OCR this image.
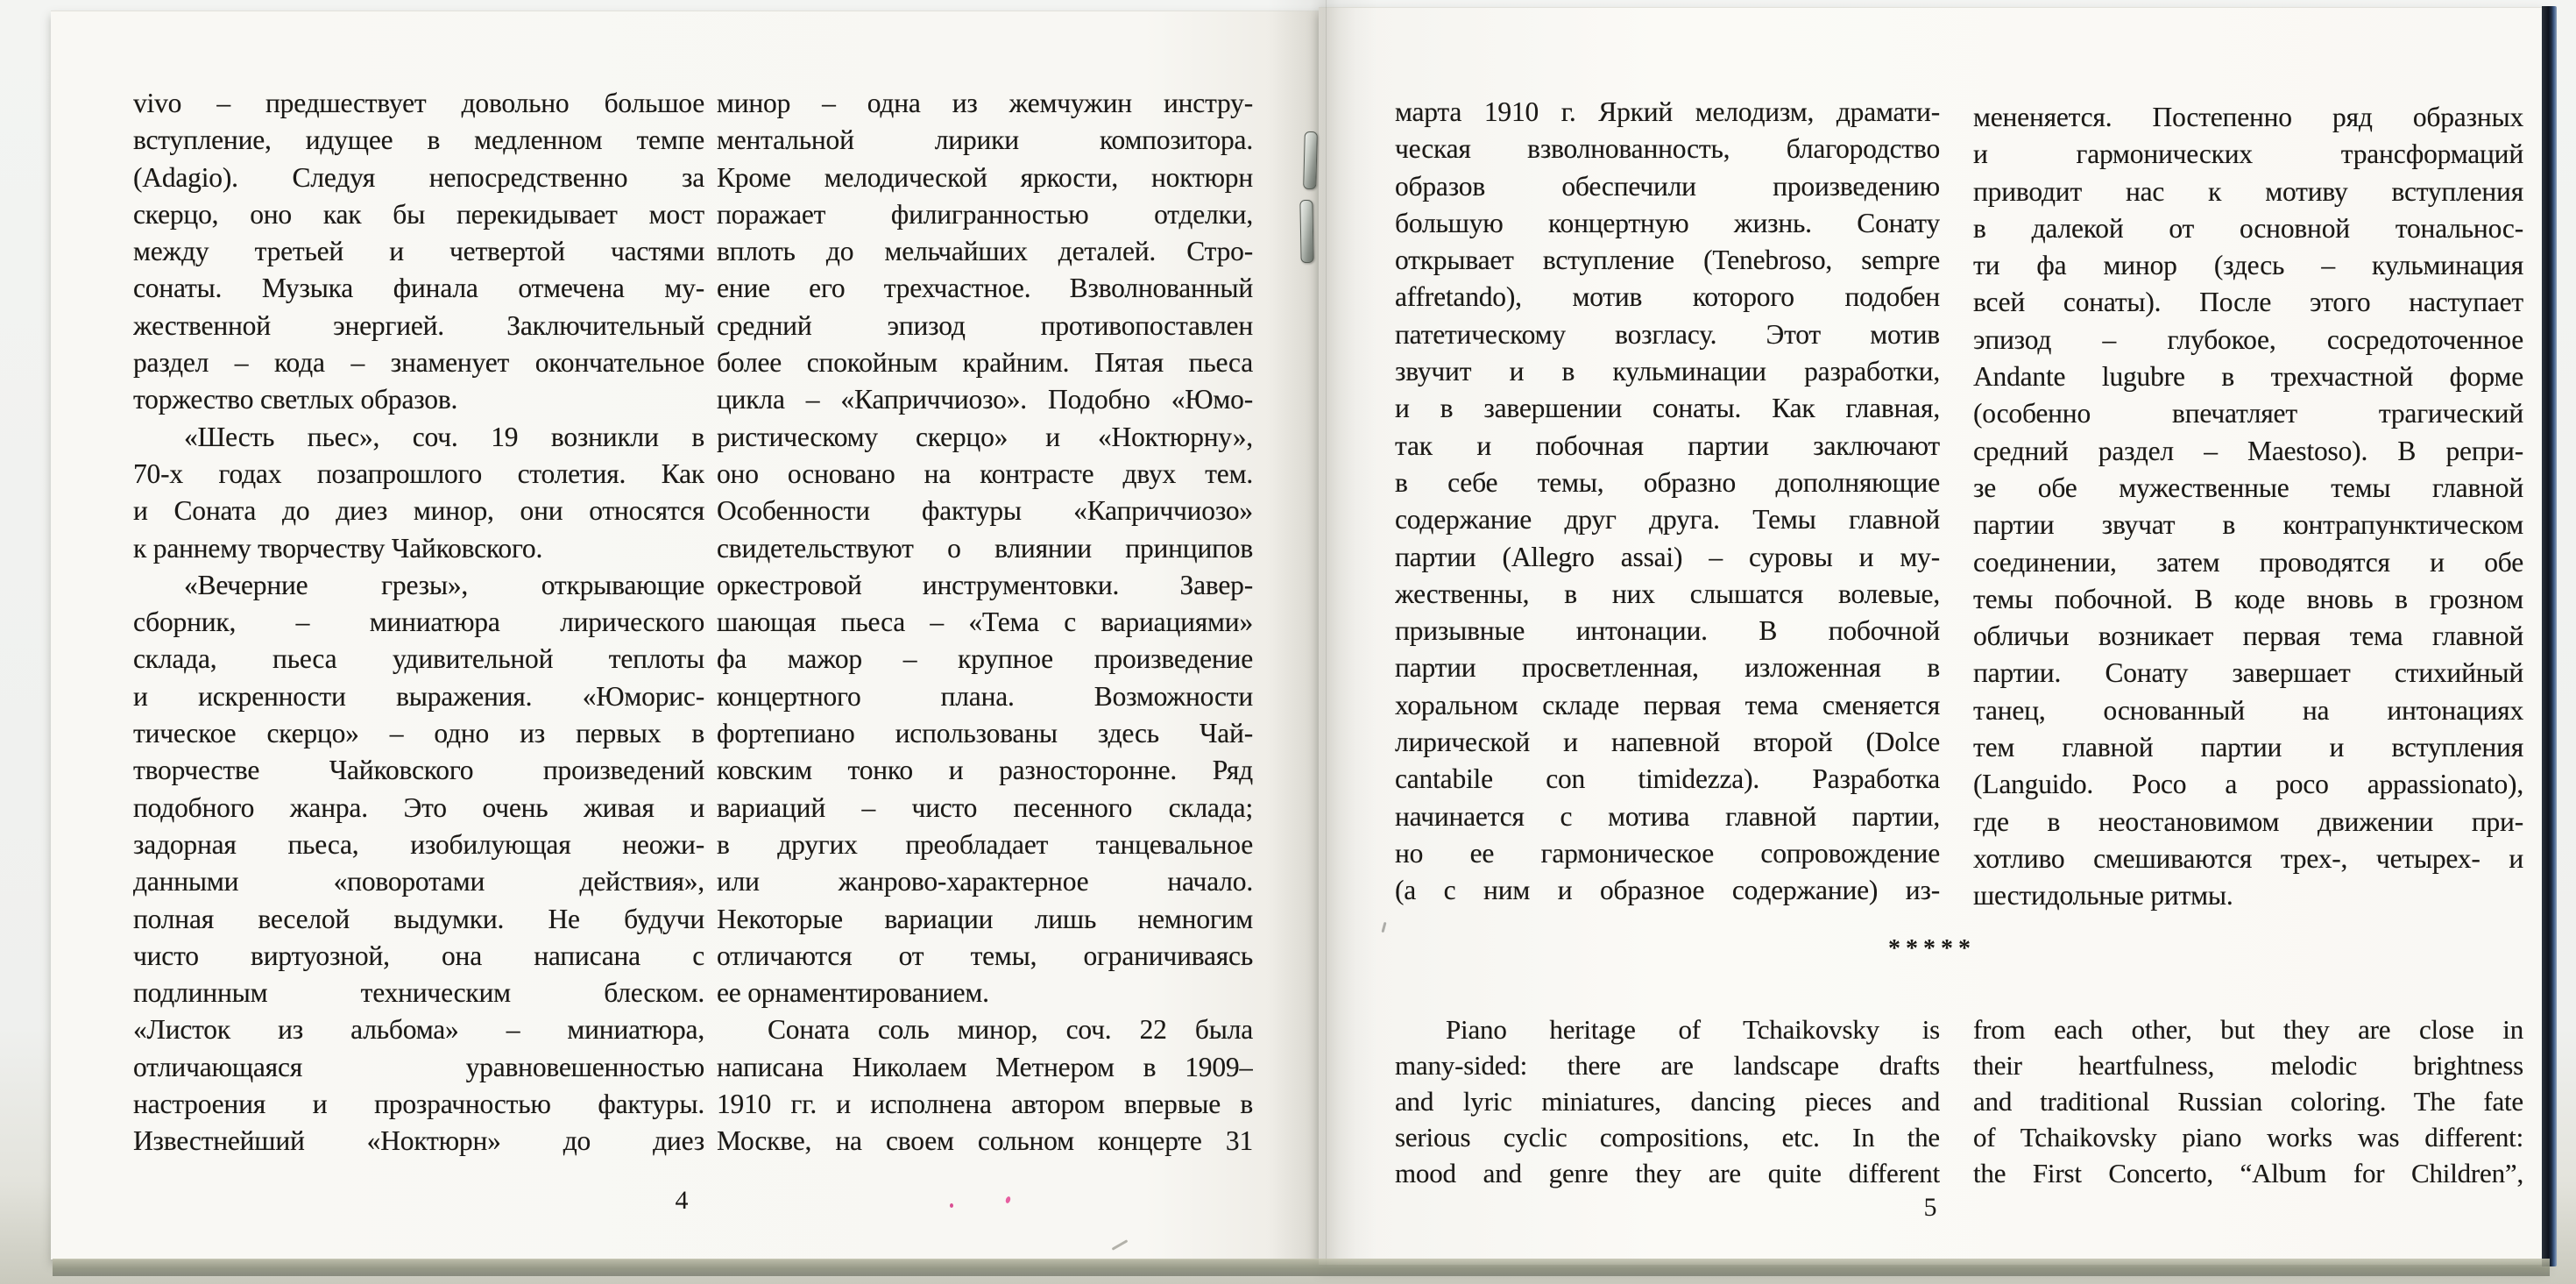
vivo – предшествует довольно большое
вступление, идущее в медленном темпе
(Adagio). Следуя непосредственно за
скерцо, оно как бы перекидывает мост
между третьей и четвертой частями
сонаты. Музыка финала отмечена му-
жественной энергией. Заключительный
раздел – кода – знаменует окончательное
торжество светлых образов.
«Шесть пьес», соч. 19 возникли в
70-х годах позапрошлого столетия. Как
и Соната до диез минор, они относятся
к раннему творчеству Чайковского.
«Вечерние грезы», открывающие
сборник, – миниатюра лирического
склада, пьеса удивительной теплоты
и искренности выражения. «Юморис-
тическое скерцо» – одно из первых в
творчестве Чайковского произведений
подобного жанра. Это очень живая и
задорная пьеса, изобилующая неожи-
данными «поворотами действия»,
полная веселой выдумки. Не будучи
чисто виртуозной, она написана с
подлинным техническим блеском.
«Листок из альбома» – миниатюра,
отличающаяся уравновешенностью
настроения и прозрачностью фактуры.
Известнейший «Ноктюрн» до диез
минор – одна из жемчужин инстру-
ментальной лирики композитора.
Кроме мелодической яркости, ноктюрн
поражает филигранностью отделки,
вплоть до мельчайших деталей. Стро-
ение его трехчастное. Взволнованный
средний эпизод противопоставлен
более спокойным крайним. Пятая пьеса
цикла – «Каприччиозо». Подобно «Юмо-
ристическому скерцо» и «Ноктюрну»,
оно основано на контрасте двух тем.
Особенности фактуры «Каприччиозо»
свидетельствуют о влиянии принципов
оркестровой инструментовки. Завер-
шающая пьеса – «Тема с вариациями»
фа мажор – крупное произведение
концертного плана. Возможности
фортепиано использованы здесь Чай-
ковским тонко и разносторонне. Ряд
вариаций – чисто песенного склада;
в других преобладает танцевальное
или жанрово-характерное начало.
Некоторые вариации лишь немногим
отличаются от темы, ограничиваясь
ее орнаментированием.
Соната соль минор, соч. 22 была
написана Николаем Метнером в 1909–
1910 гг. и исполнена автором впервые в
Москве, на своем сольном концерте 31
4
марта 1910 г. Яркий мелодизм, драмати-
ческая взволнованность, благородство
образов обеспечили произведению
большую концертную жизнь. Сонату
открывает вступление (Tenebroso, sempre
affretando), мотив которого подобен
патетическому возгласу. Этот мотив
звучит и в кульминации разработки,
и в завершении сонаты. Как главная,
так и побочная партии заключают
в себе темы, образно дополняющие
содержание друг друга. Темы главной
партии (Allegro assai) – суровы и му-
жественны, в них слышатся волевые,
призывные интонации. В побочной
партии просветленная, изложенная в
хоральном складе первая тема сменяется
лирической и напевной второй (Dolce
cantabile con timidezza). Разработка
начинается с мотива главной партии,
но ее гармоническое сопровождение
(а с ним и образное содержание) из-
мененяется. Постепенно ряд образных
и гармонических трансформаций
приводит нас к мотиву вступления
в далекой от основной тональнос-
ти фа минор (здесь – кульминация
всей сонаты). После этого наступает
эпизод – глубокое, сосредоточенное
Andante lugubre в трехчастной форме
(особенно впечатляет трагический
средний раздел – Maestoso). В репри-
зе обе мужественные темы главной
партии звучат в контрапунктическом
соединении, затем проводятся и обе
темы побочной. В коде вновь в грозном
обличьи возникает первая тема главной
партии. Сонату завершает стихийный
танец, основанный на интонациях
тем главной партии и вступления
(Languido. Poco a poco appassionato),
где в неостановимом движении при-
хотливо смешиваются трех-, четырех- и
шестидольные ритмы.
*****
Piano heritage of Tchaikovsky is
many-sided: there are landscape drafts
and lyric miniatures, dancing pieces and
serious cyclic compositions, etc. In the
mood and genre they are quite different
from each other, but they are close in
their heartfulness, melodic brightness
and traditional Russian coloring. The fate
of Tchaikovsky piano works was different:
the First Concerto, “Album for Children”,
5
